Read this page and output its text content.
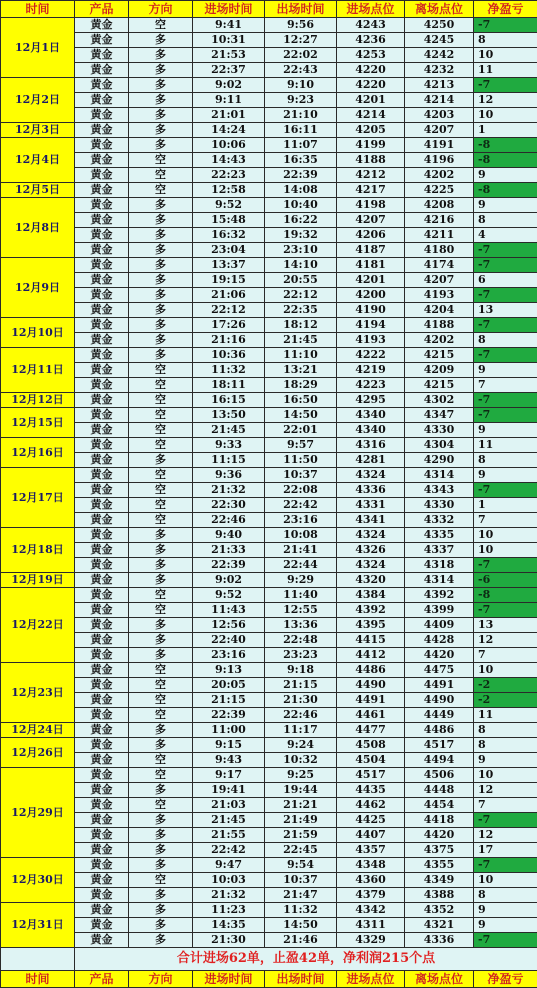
时间	产品	方向	进场时间	出场时间	进场点位	离场点位	净盈亏
12月1日	黄金	空	9:41	9:56	4243	4250	-7
	黄金	多	10:31	12:27	4236	4245	8
	黄金	多	21:53	22:02	4253	4242	10
	黄金	多	22:37	22:43	4220	4232	11
12月2日	黄金	多	9:02	9:10	4220	4213	-7
	黄金	多	9:11	9:23	4201	4214	12
	黄金	多	21:01	21:10	4214	4203	10
12月3日	黄金	多	14:24	16:11	4205	4207	1
12月4日	黄金	多	10:06	11:07	4199	4191	-8
	黄金	空	14:43	16:35	4188	4196	-8
	黄金	空	22:23	22:39	4212	4202	9
12月5日	黄金	空	12:58	14:08	4217	4225	-8
12月8日	黄金	多	9:52	10:40	4198	4208	9
	黄金	多	15:48	16:22	4207	4216	8
	黄金	多	16:32	19:32	4206	4211	4
	黄金	多	23:04	23:10	4187	4180	-7
12月9日	黄金	多	13:37	14:10	4181	4174	-7
	黄金	多	19:15	20:55	4201	4207	6
	黄金	多	21:06	22:12	4200	4193	-7
	黄金	多	22:12	22:35	4190	4204	13
12月10日	黄金	多	17:26	18:12	4194	4188	-7
	黄金	多	21:16	21:45	4193	4202	8
12月11日	黄金	多	10:36	11:10	4222	4215	-7
	黄金	空	11:32	13:21	4219	4209	9
	黄金	空	18:11	18:29	4223	4215	7
12月12日	黄金	空	16:15	16:50	4295	4302	-7
12月15日	黄金	空	13:50	14:50	4340	4347	-7
	黄金	空	21:45	22:01	4340	4330	9
12月16日	黄金	空	9:33	9:57	4316	4304	11
	黄金	多	11:15	11:50	4281	4290	8
12月17日	黄金	空	9:36	10:37	4324	4314	9
	黄金	空	21:32	22:08	4336	4343	-7
	黄金	空	22:30	22:42	4331	4330	1
	黄金	空	22:46	23:16	4341	4332	7
12月18日	黄金	多	9:40	10:08	4324	4335	10
	黄金	多	21:33	21:41	4326	4337	10
	黄金	多	22:39	22:44	4324	4318	-7
12月19日	黄金	多	9:02	9:29	4320	4314	-6
12月22日	黄金	空	9:52	11:40	4384	4392	-8
	黄金	空	11:43	12:55	4392	4399	-7
	黄金	多	12:56	13:36	4395	4409	13
	黄金	多	22:40	22:48	4415	4428	12
	黄金	多	23:16	23:23	4412	4420	7
12月23日	黄金	空	9:13	9:18	4486	4475	10
	黄金	空	20:05	21:15	4490	4491	-2
	黄金	空	21:15	21:30	4491	4490	-2
	黄金	空	22:39	22:46	4461	4449	11
12月24日	黄金	多	11:00	11:17	4477	4486	8
12月26日	黄金	多	9:15	9:24	4508	4517	8
	黄金	空	9:43	10:32	4504	4494	9
12月29日	黄金	空	9:17	9:25	4517	4506	10
	黄金	多	19:41	19:44	4435	4448	12
	黄金	空	21:03	21:21	4462	4454	7
	黄金	多	21:45	21:49	4425	4418	-7
	黄金	多	21:55	21:59	4407	4420	12
	黄金	多	22:42	22:45	4357	4375	17
12月30日	黄金	多	9:47	9:54	4348	4355	-7
	黄金	空	10:03	10:37	4360	4349	10
	黄金	多	21:32	21:47	4379	4388	8
12月31日	黄金	多	11:23	11:32	4342	4352	9
	黄金	多	14:35	14:50	4311	4321	9
	黄金	多	21:30	21:46	4329	4336	-7
	合计进场62单，止盈42单，净利润215个点						
时间	产品	方向	进场时间	出场时间	进场点位	离场点位	净盈亏
